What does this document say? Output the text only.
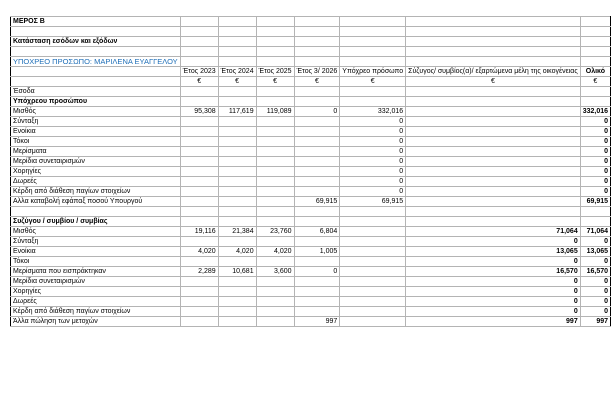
ΜΕΡΟΣ Β							

Κατάσταση εσόδων και εξόδων							

ΥΠΟΧΡΕΟ ΠΡΟΣΩΠΟ: ΜΑΡΙΛΕΝΑ ΕΥΑΓΓΕΛΟΥ							
	Έτος 2023	Έτος 2024	Έτος 2025	Έτος 3/ 2026	Υπόχρεο πρόσωπο	Σύζυγος/ συμβίος(α)/ εξαρτώμενα μέλη της οικογένειας	Ολικό
	€	€	€	€	€	€	€
Έσοδα							
Υπόχρεου προσώπου							
Μισθός	95,308	117,619	119,089	0	332,016		332,016
Σύνταξη					0		0
Ενοίκια					0		0
Τόκοι					0		0
Μερίσματα					0		0
Μερίδια συνεταιρισμών					0		0
Χορηγίες					0		0
Δωρεές					0		0
Κέρδη από διάθεση παγίων στοιχείων					0		0
Αλλα καταβολή εφάπαξ ποσού Υπουργού				69,915	69,915		69,915

Συζύγου / συμβίου / συμβίας							
Μισθός	19,116	21,384	23,760	6,804		71,064	71,064
Σύνταξη						0	0
Ενοίκια	4,020	4,020	4,020	1,005		13,065	13,065
Τόκοι						0	0
Μερίσματα που εισπράκτηκαν	2,289	10,681	3,600	0		16,570	16,570
Μερίδια συνεταιρισμών						0	0
Χορηγίες						0	0
Δωρεές						0	0
Κέρδη από διάθεση παγίων στοιχείων						0	0
Άλλα πώληση των μετοχών				997		997	997
